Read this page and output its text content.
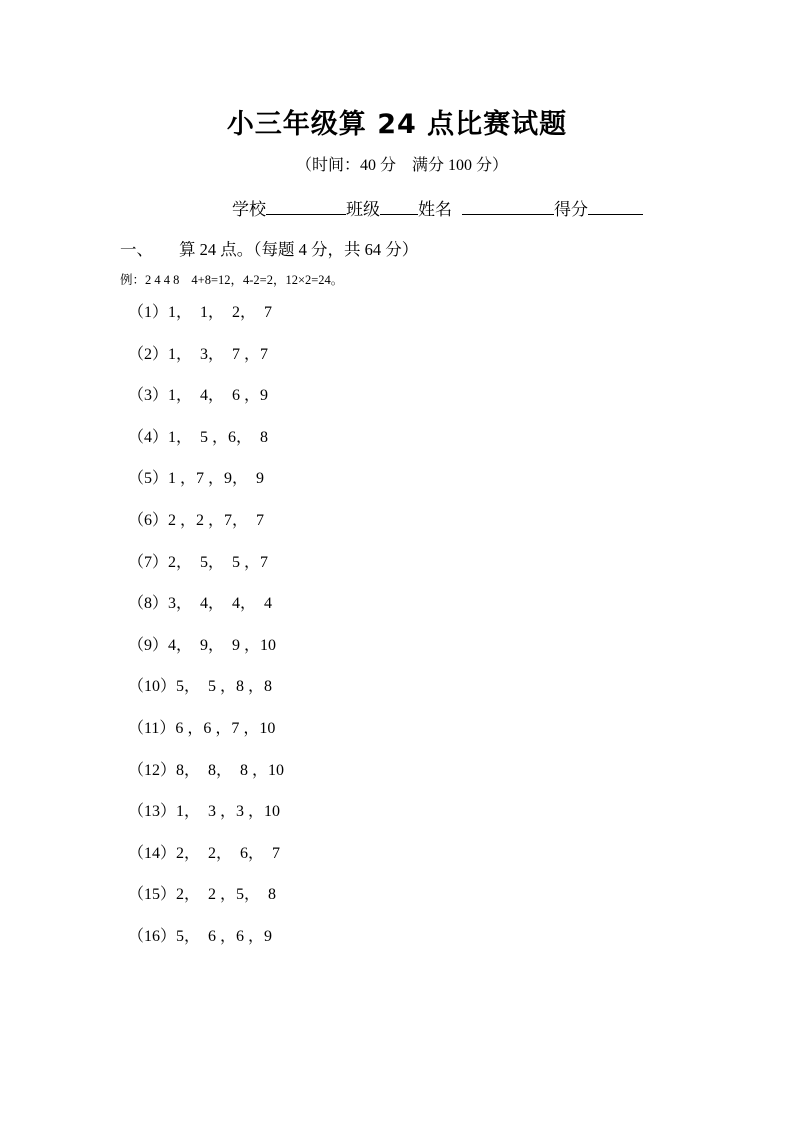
小三年级算 24 点比赛试题
（时间：40 分　满分 100 分）
学校	班级 姓名	得分
一、 算 24 点。（每题 4 分，共 64 分）
例：2 4 4 8 4+8=12，4-2=2，12×2=24。
（1）1，  1，  2，  7
（2）1，  3，  7 ，7
（3）1，  4，  6 ，9
（4）1，  5 ，6，  8
（5）1 ，7 ，9，  9
（6）2 ，2 ，7，  7
（7）2，  5，  5 ，7
（8）3，  4，  4，  4
（9）4，  9，  9 ，10
（10）5，  5 ，8 ，8
（11）6 ，6 ，7 ，10
（12）8，  8，  8 ，10
（13）1，  3 ，3 ，10
（14）2，  2，  6，  7
（15）2，  2 ，5，  8
（16）5，  6 ，6 ，9
